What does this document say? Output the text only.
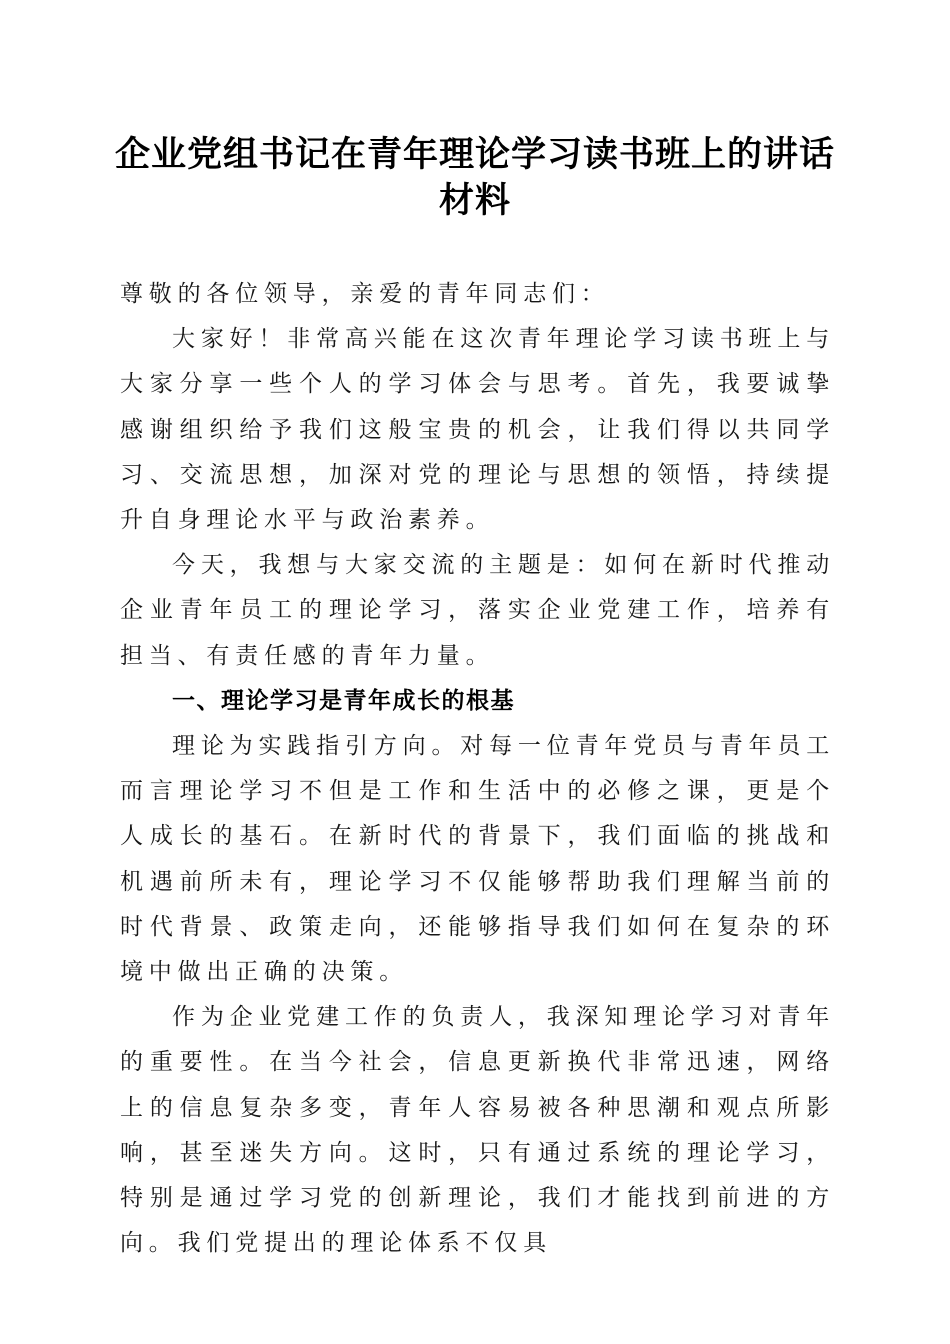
企业党组书记在青年理论学习读书班上的讲话
材料

尊敬的各位领导，亲爱的青年同志们：

大家好！非常高兴能在这次青年理论学习读书班上与大家分享一些个人的学习体会与思考。首先，我要诚挚感谢组织给予我们这般宝贵的机会，让我们得以共同学习、交流思想，加深对党的理论与思想的领悟，持续提升自身理论水平与政治素养。

今天，我想与大家交流的主题是：如何在新时代推动企业青年员工的理论学习，落实企业党建工作，培养有担当、有责任感的青年力量。

一、理论学习是青年成长的根基

理论为实践指引方向。对每一位青年党员与青年员工而言理论学习不但是工作和生活中的必修之课，更是个人成长的基石。在新时代的背景下，我们面临的挑战和机遇前所未有，理论学习不仅能够帮助我们理解当前的时代背景、政策走向，还能够指导我们如何在复杂的环境中做出正确的决策。

作为企业党建工作的负责人，我深知理论学习对青年的重要性。在当今社会，信息更新换代非常迅速，网络上的信息复杂多变，青年人容易被各种思潮和观点所影响，甚至迷失方向。这时，只有通过系统的理论学习，特别是通过学习党的创新理论，我们才能找到前进的方向。我们党提出的理论体系不仅具
